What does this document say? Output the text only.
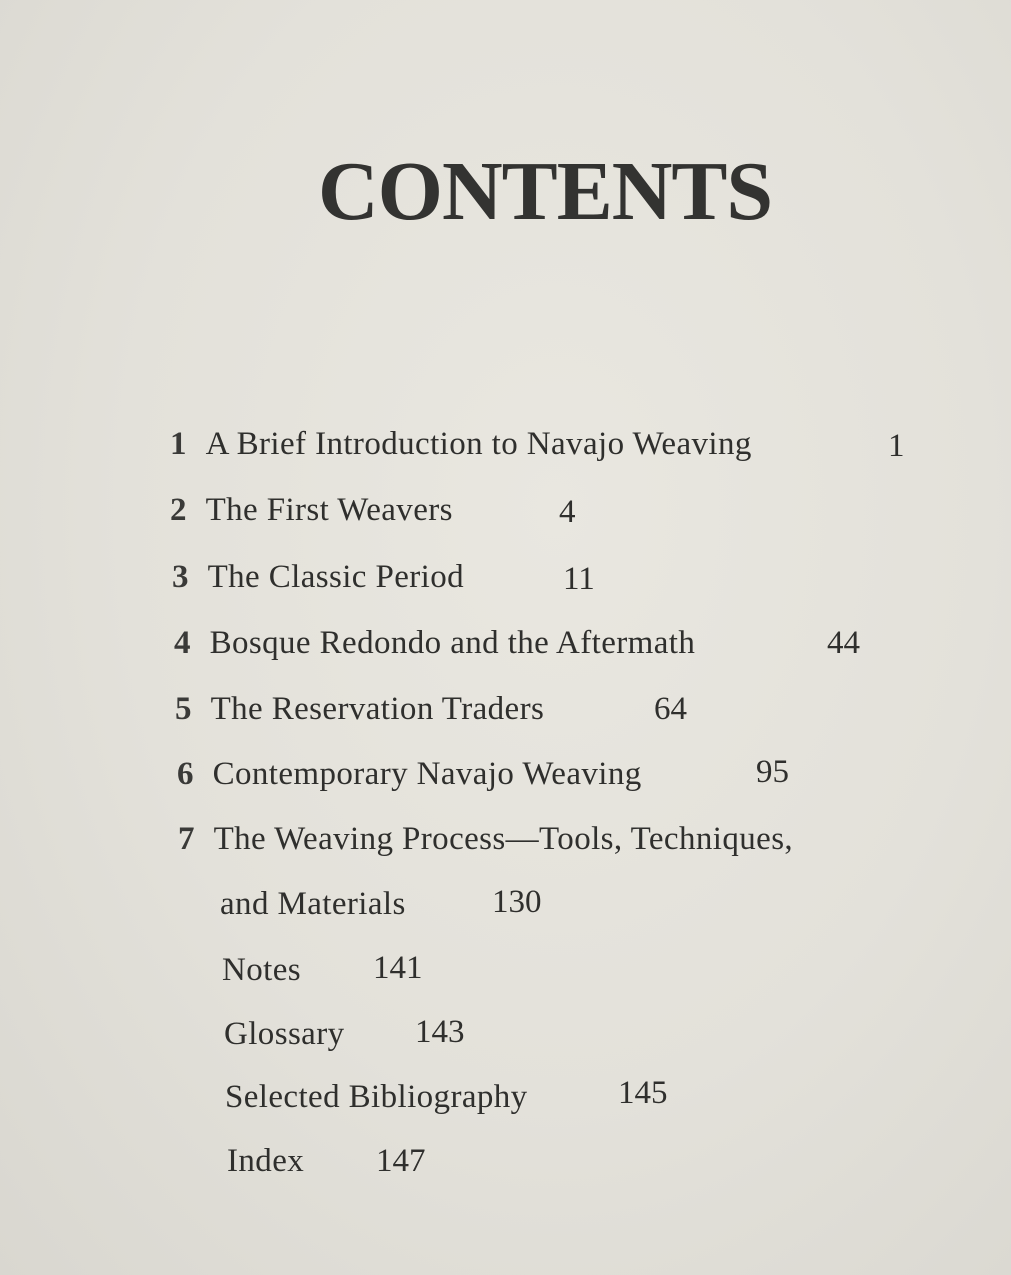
CONTENTS
1 A Brief Introduction to Navajo Weaving	1
2 The First Weavers	4
3 The Classic Period	11
4 Bosque Redondo and the Aftermath	44
5 The Reservation Traders	64
6 Contemporary Navajo Weaving	95
7 The Weaving Process—Tools, Techniques,
and Materials	130
Notes 141
Glossary 143
Selected Bibliography	145
Index 147
